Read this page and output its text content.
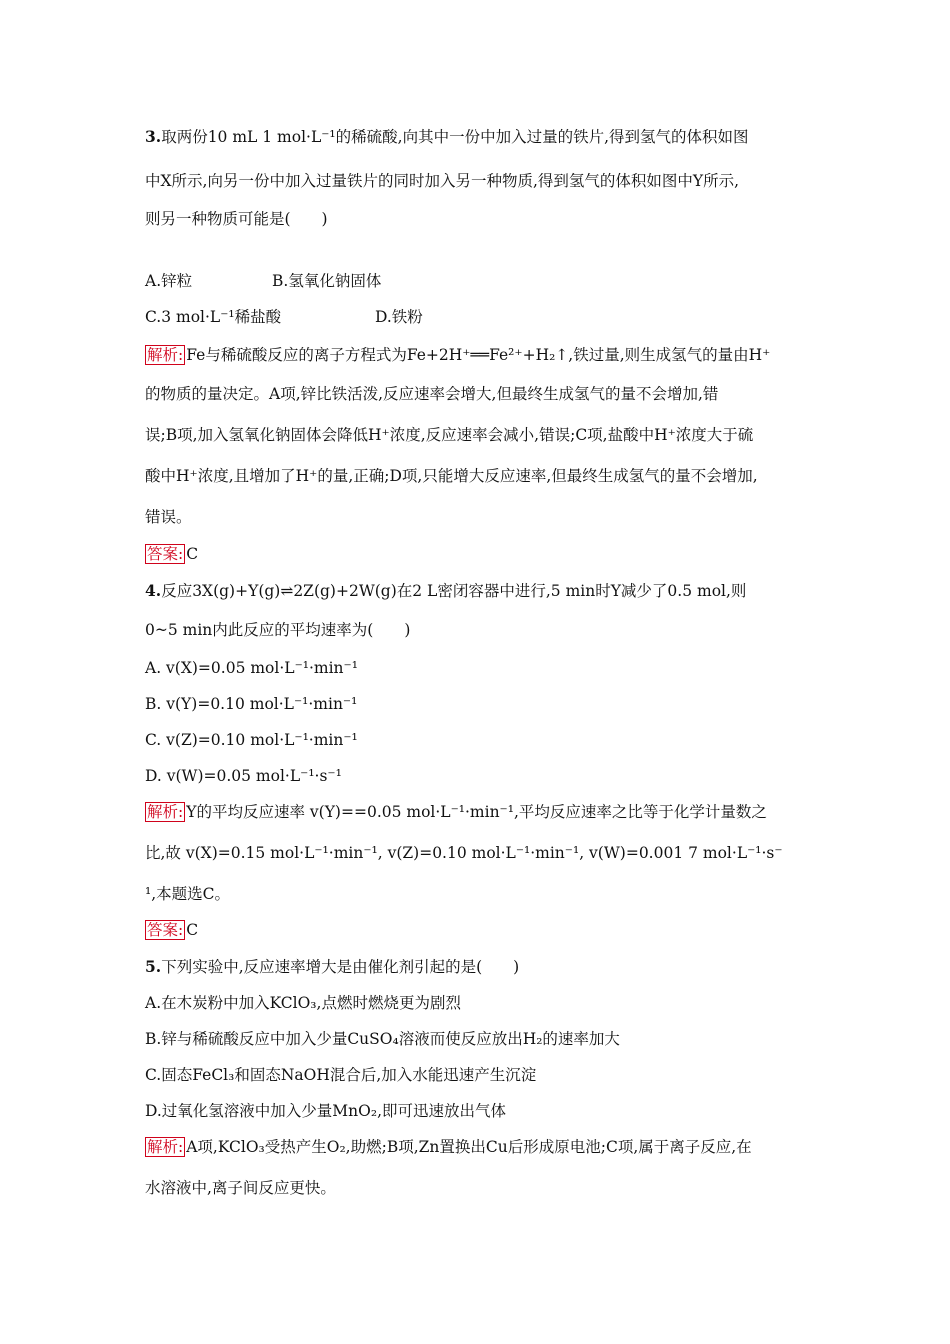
3.取两份10 mL 1 mol·L⁻¹的稀硫酸,向其中一份中加入过量的铁片,得到氢气的体积如图
中X所示,向另一份中加入过量铁片的同时加入另一种物质,得到氢气的体积如图中Y所示,
则另一种物质可能是(　　)
A.锌粒	B.氢氧化钠固体
C.3 mol·L⁻¹稀盐酸	D.铁粉
解析: Fe与稀硫酸反应的离子方程式为Fe+2H⁺══Fe²⁺+H₂↑,铁过量,则生成氢气的量由H⁺
的物质的量决定。A项,锌比铁活泼,反应速率会增大,但最终生成氢气的量不会增加,错
误;B项,加入氢氧化钠固体会降低H⁺浓度,反应速率会减小,错误;C项,盐酸中H⁺浓度大于硫
酸中H⁺浓度,且增加了H⁺的量,正确;D项,只能增大反应速率,但最终生成氢气的量不会增加,
错误。
答案: C
4.反应3X(g)+Y(g)⇌2Z(g)+2W(g)在2 L密闭容器中进行,5 min时Y减少了0.5 mol,则
0~5 min内此反应的平均速率为(　　)
A. v(X)=0.05 mol·L⁻¹·min⁻¹
B. v(Y)=0.10 mol·L⁻¹·min⁻¹
C. v(Z)=0.10 mol·L⁻¹·min⁻¹
D. v(W)=0.05 mol·L⁻¹·s⁻¹
解析: Y的平均反应速率 v(Y)==0.05 mol·L⁻¹·min⁻¹,平均反应速率之比等于化学计量数之
比,故 v(X)=0.15 mol·L⁻¹·min⁻¹, v(Z)=0.10 mol·L⁻¹·min⁻¹, v(W)=0.001 7 mol·L⁻¹·s⁻
¹,本题选C。
答案: C
5.下列实验中,反应速率增大是由催化剂引起的是(　　)
A.在木炭粉中加入KClO₃,点燃时燃烧更为剧烈
B.锌与稀硫酸反应中加入少量CuSO₄溶液而使反应放出H₂的速率加大
C.固态FeCl₃和固态NaOH混合后,加入水能迅速产生沉淀
D.过氧化氢溶液中加入少量MnO₂,即可迅速放出气体
解析: A项,KClO₃受热产生O₂,助燃;B项,Zn置换出Cu后形成原电池;C项,属于离子反应,在
水溶液中,离子间反应更快。
